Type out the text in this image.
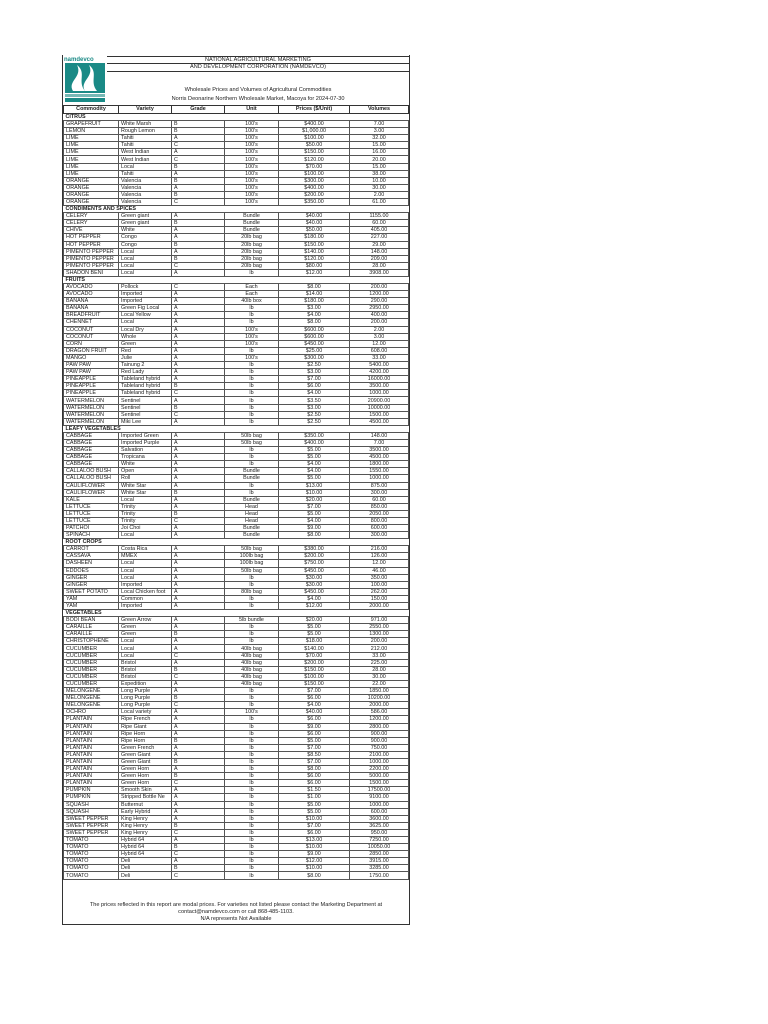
namdevco	NATIONAL AGRICULTURAL MARKETING
AND DEVELOPMENT CORPORATION (NAMDEVCO)
Wholesale Prices and Volumes of Agricultural Commodities
Norris Deonarine Northern Wholesale Market, Macoya for 2024-07-30
Commodity	Variety	Grade	Unit	Prices ($/Unit)	Volumes
CITRUS					
GRAPEFRUIT	White Marsh	B	100's	$400.00	7.00
LEMON	Rough Lemon	B	100's	$1,000.00	3.00
LIME	Tahiti	A	100's	$100.00	32.00
LIME	Tahiti	C	100's	$50.00	15.00
LIME	West Indian	A	100's	$150.00	16.00
LIME	West Indian	C	100's	$120.00	20.00
LIME	Local	B	100's	$70.00	15.00
LIME	Tahiti	A	100's	$100.00	38.00
ORANGE	Valencia	B	100's	$300.00	10.00
ORANGE	Valencia	A	100's	$400.00	30.00
ORANGE	Valencia	B	100's	$200.00	2.00
ORANGE	Valencia	C	100's	$350.00	61.00
CONDIMENTS AND SPICES					
CELERY	Green giant	A	Bundle	$40.00	1155.00
CELERY	Green giant	B	Bundle	$40.00	60.00
CHIVE	White	A	Bundle	$50.00	405.00
HOT PEPPER	Congo	A	20lb bag	$180.00	227.00
HOT PEPPER	Congo	B	20lb bag	$150.00	29.00
PIMENTO PEPPER	Local	A	20lb bag	$140.00	148.00
PIMENTO PEPPER	Local	B	20lb bag	$120.00	209.00
PIMENTO PEPPER	Local	C	20lb bag	$80.00	28.00
SHADON BENI	Local	A	lb	$12.00	3908.00
FRUITS					
AVOCADO	Pollock	C	Each	$8.00	200.00
AVOCADO	Imported	A	Each	$14.00	1200.00
BANANA	Imported	A	40lb box	$180.00	290.00
BANANA	Green Fig Local	A	lb	$3.00	2950.00
BREADFRUIT	Local Yellow	A	lb	$4.00	400.00
CHENNET	Local	A	lb	$8.00	200.00
COCONUT	Local Dry	A	100's	$600.00	2.00
COCONUT	Whole	A	100's	$600.00	3.00
CORN	Green	A	100's	$450.00	12.00
DRAGON FRUIT	Red	A	lb	$25.00	608.00
MANGO	Julie	A	100's	$300.00	33.00
PAW PAW	Tainung 2	A	lb	$2.50	5400.00
PAW PAW	Red Lady	A	lb	$3.00	4200.00
PINEAPPLE	Tableland hybrid	A	lb	$7.00	16000.00
PINEAPPLE	Tableland hybrid	B	lb	$6.00	3500.00
PINEAPPLE	Tableland hybrid	C	lb	$4.00	1000.00
WATERMELON	Sentinel	A	lb	$3.50	20900.00
WATERMELON	Sentinel	B	lb	$3.00	10000.00
WATERMELON	Sentinel	C	lb	$2.50	1500.00
WATERMELON	Miki Lee	A	lb	$2.50	4500.00
LEAFY VEGETABLES					
CABBAGE	Imported Green	A	50lb bag	$350.00	148.00
CABBAGE	Imported Purple	A	50lb bag	$400.00	7.00
CABBAGE	Salvation	A	lb	$5.00	3500.00
CABBAGE	Tropicana	A	lb	$5.00	4500.00
CABBAGE	White	A	lb	$4.00	1800.00
CALLALOO BUSH	Open	A	Bundle	$4.00	1550.00
CALLALOO BUSH	Roll	A	Bundle	$5.00	1000.00
CAULIFLOWER	White Star	A	lb	$13.00	875.00
CAULIFLOWER	White Star	B	lb	$10.00	300.00
KALE	Local	A	Bundle	$20.00	60.00
LETTUCE	Trinity	A	Head	$7.00	850.00
LETTUCE	Trinity	B	Head	$5.00	2050.00
LETTUCE	Trinity	C	Head	$4.00	800.00
PATCHOI	Joi Choi	A	Bundle	$9.00	600.00
SPINACH	Local	A	Bundle	$8.00	300.00
ROOT CROPS					
CARROT	Costa Rica	A	50lb bag	$380.00	216.00
CASSAVA	MMEX	A	100lb bag	$200.00	126.00
DASHEEN	Local	A	100lb bag	$750.00	12.00
EDDOES	Local	A	50lb bag	$450.00	46.00
GINGER	Local	A	lb	$30.00	350.00
GINGER	Imported	A	lb	$30.00	100.00
SWEET POTATO	Local Chicken foot	A	80lb bag	$450.00	262.00
YAM	Common	A	lb	$4.00	150.00
YAM	Imported	A	lb	$12.00	2000.00
VEGETABLES					
BODI BEAN	Green Arrow	A	5lb bundle	$20.00	971.00
CARAILLE	Green	A	lb	$5.00	2550.00
CARAILLE	Green	B	lb	$5.00	1300.00
CHRISTOPHENE	Local	A	lb	$18.00	200.00
CUCUMBER	Local	A	40lb bag	$140.00	212.00
CUCUMBER	Local	C	40lb bag	$70.00	33.00
CUCUMBER	Bristol	A	40lb bag	$200.00	225.00
CUCUMBER	Bristol	B	40lb bag	$150.00	28.00
CUCUMBER	Bristol	C	40lb bag	$100.00	30.00
CUCUMBER	Expedition	A	40lb bag	$150.00	22.00
MELONGENE	Long Purple	A	lb	$7.00	1850.00
MELONGENE	Long Purple	B	lb	$6.00	10200.00
MELONGENE	Long Purple	C	lb	$4.00	2000.00
OCHRO	Local variety	A	100's	$40.00	586.00
PLANTAIN	Ripe French	A	lb	$6.00	1200.00
PLANTAIN	Ripe Giant	A	lb	$9.00	2800.00
PLANTAIN	Ripe Horn	A	lb	$6.00	900.00
PLANTAIN	Ripe Horn	B	lb	$5.00	900.00
PLANTAIN	Green French	A	lb	$7.00	750.00
PLANTAIN	Green Giant	A	lb	$8.50	2100.00
PLANTAIN	Green Giant	B	lb	$7.00	1000.00
PLANTAIN	Green Horn	A	lb	$8.00	2200.00
PLANTAIN	Green Horn	B	lb	$6.00	5000.00
PLANTAIN	Green Horn	C	lb	$6.00	1500.00
PUMPKIN	Smooth Skin	A	lb	$1.50	17500.00
PUMPKIN	Stripped Bottle Ne	A	lb	$1.00	9100.00
SQUASH	Butternut	A	lb	$5.00	1000.00
SQUASH	Early Hybrid	A	lb	$5.00	600.00
SWEET PEPPER	King Henry	A	lb	$10.00	3600.00
SWEET PEPPER	King Henry	B	lb	$7.00	3625.00
SWEET PEPPER	King Henry	C	lb	$6.00	950.00
TOMATO	Hybrid 64	A	lb	$13.00	7250.00
TOMATO	Hybrid 64	B	lb	$10.00	10050.00
TOMATO	Hybrid 64	C	lb	$9.00	2850.00
TOMATO	Deli	A	lb	$12.00	3915.00
TOMATO	Deli	B	lb	$10.00	3285.00
TOMATO	Deli	C	lb	$8.00	1750.00
The prices reflected in this report are modal prices. For varieties not listed please contact the Marketing Department at
contact@namdevco.com or call 868-485-1103.
N/A represents Not Available
